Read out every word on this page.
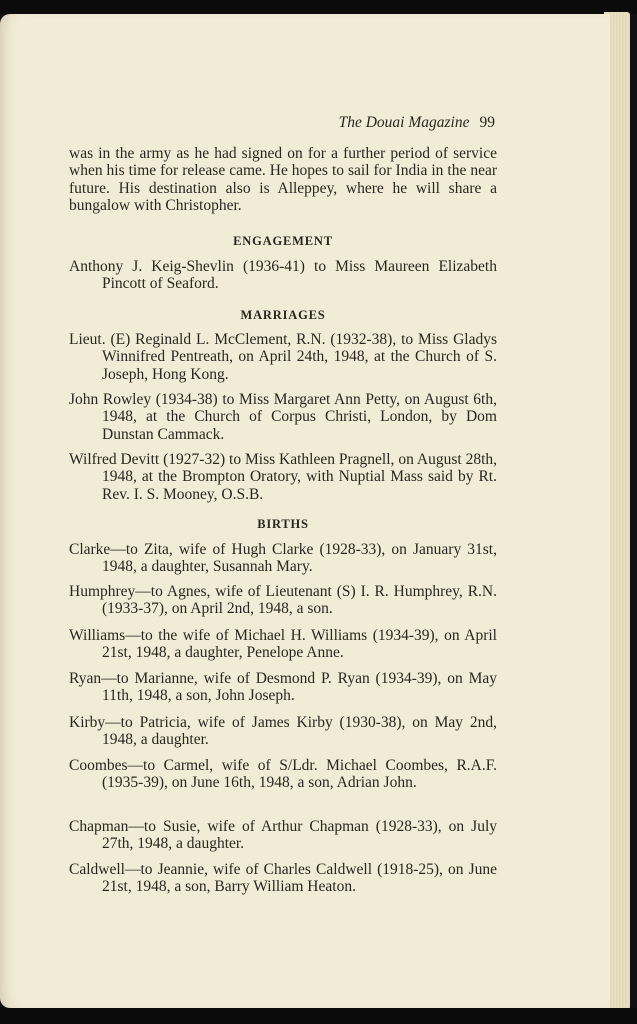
The Douai Magazine 99

was in the army as he had signed on for a further period of service when his time for release came. He hopes to sail for India in the near future. His destination also is Alleppey, where he will share a bungalow with Christopher.

ENGAGEMENT

Anthony J. Keig-Shevlin (1936-41) to Miss Maureen Elizabeth Pincott of Seaford.

MARRIAGES

Lieut. (E) Reginald L. McClement, R.N. (1932-38), to Miss Gladys Winnifred Pentreath, on April 24th, 1948, at the Church of S. Joseph, Hong Kong.

John Rowley (1934-38) to Miss Margaret Ann Petty, on August 6th, 1948, at the Church of Corpus Christi, London, by Dom Dunstan Cammack.

Wilfred Devitt (1927-32) to Miss Kathleen Pragnell, on August 28th, 1948, at the Brompton Oratory, with Nuptial Mass said by Rt. Rev. I. S. Mooney, O.S.B.

BIRTHS

Clarke—to Zita, wife of Hugh Clarke (1928-33), on January 31st, 1948, a daughter, Susannah Mary.

Humphrey—to Agnes, wife of Lieutenant (S) I. R. Humphrey, R.N. (1933-37), on April 2nd, 1948, a son.

Williams—to the wife of Michael H. Williams (1934-39), on April 21st, 1948, a daughter, Penelope Anne.

Ryan—to Marianne, wife of Desmond P. Ryan (1934-39), on May 11th, 1948, a son, John Joseph.

Kirby—to Patricia, wife of James Kirby (1930-38), on May 2nd, 1948, a daughter.

Coombes—to Carmel, wife of S/Ldr. Michael Coombes, R.A.F. (1935-39), on June 16th, 1948, a son, Adrian John.

Chapman—to Susie, wife of Arthur Chapman (1928-33), on July 27th, 1948, a daughter.

Caldwell—to Jeannie, wife of Charles Caldwell (1918-25), on June 21st, 1948, a son, Barry William Heaton.
